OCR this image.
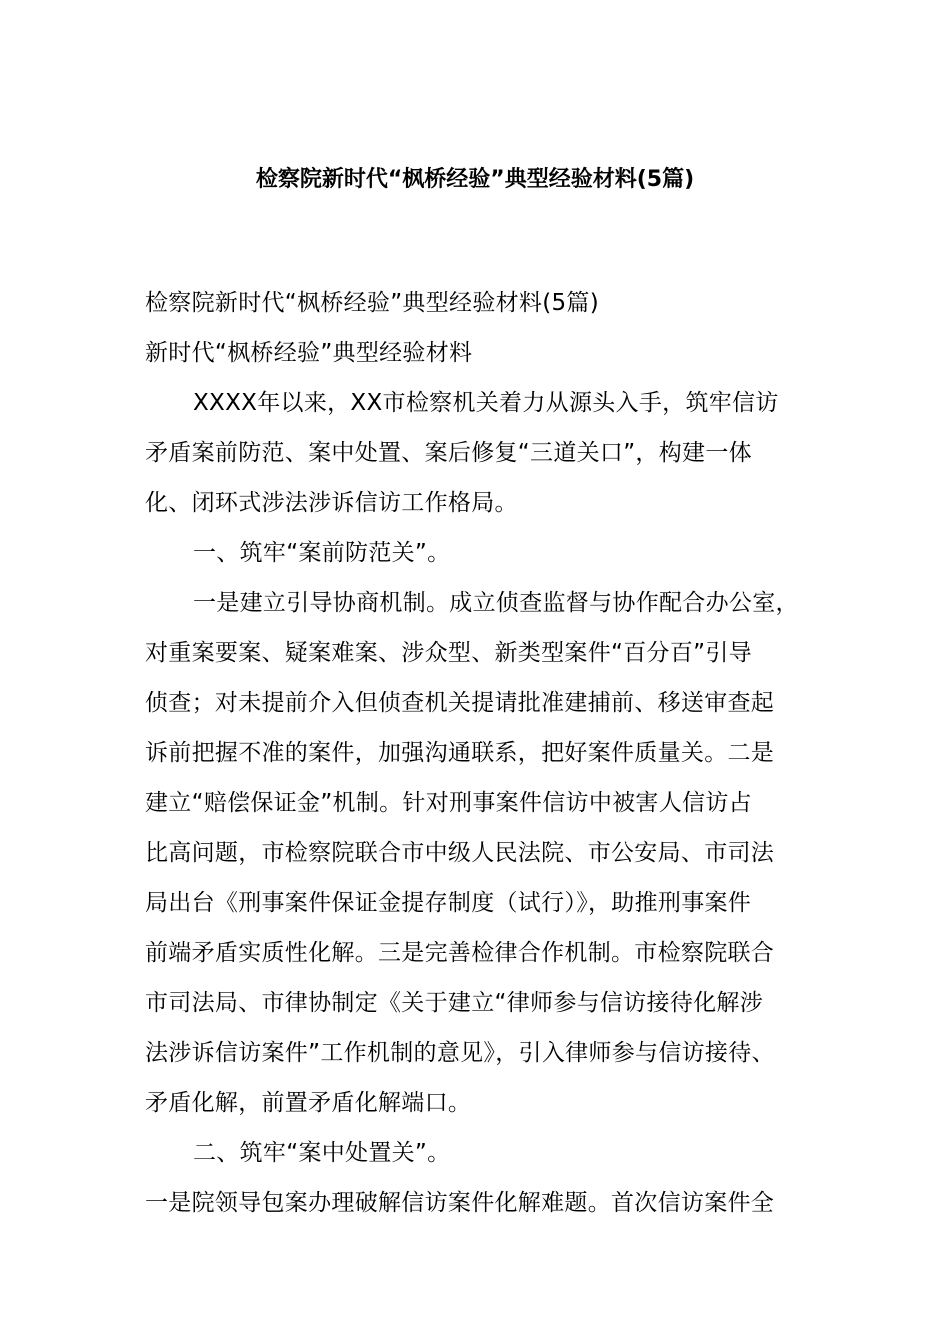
检察院新时代“枫桥经验”典型经验材料(5篇)
检察院新时代“枫桥经验”典型经验材料(5篇)
新时代“枫桥经验”典型经验材料
XXXX年以来，XX市检察机关着力从源头入手，筑牢信访
矛盾案前防范、案中处置、案后修复“三道关口”，构建一体
化、闭环式涉法涉诉信访工作格局。
一、筑牢“案前防范关”。
一是建立引导协商机制。成立侦查监督与协作配合办公室，
对重案要案、疑案难案、涉众型、新类型案件“百分百”引导
侦查；对未提前介入但侦查机关提请批准建捕前、移送审查起
诉前把握不准的案件，加强沟通联系，把好案件质量关。二是
建立“赔偿保证金”机制。针对刑事案件信访中被害人信访占
比高问题，市检察院联合市中级人民法院、市公安局、市司法
局出台《刑事案件保证金提存制度（试行）》，助推刑事案件
前端矛盾实质性化解。三是完善检律合作机制。市检察院联合
市司法局、市律协制定《关于建立“律师参与信访接待化解涉
法涉诉信访案件”工作机制的意见》，引入律师参与信访接待、
矛盾化解，前置矛盾化解端口。
二、筑牢“案中处置关”。
一是院领导包案办理破解信访案件化解难题。首次信访案件全
